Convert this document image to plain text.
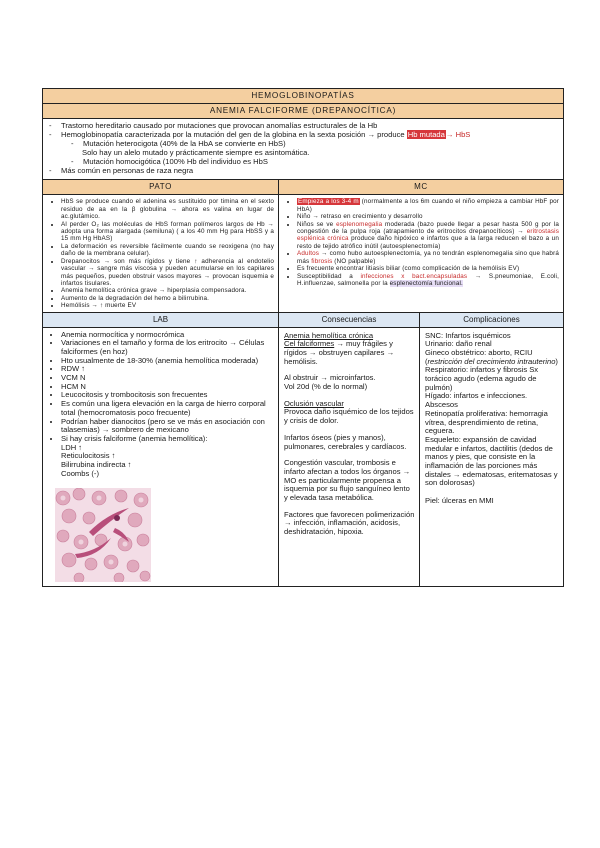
HEMOGLOBINOPATÍAS
ANEMIA FALCIFORME (DREPANOCÍTICA)
- Trastorno hereditario causado por mutaciones que provocan anomalías estructurales de la Hb
- Hemoglobinopatía caracterizada por la mutación del gen de la globina en la sexta posición → produce Hb mutada→ HbS
- Mutación heterocigota (40% de la HbA se convierte en HbS)
Solo hay un alelo mutado y prácticamente siempre es asintomática.
- Mutación homocigótica (100% Hb del individuo es HbS
- Más común en personas de raza negra
PATO
• HbS se produce cuando el adenina es sustituido por timina en el sexto residuo de aa en la β globulina → ahora es valina en lugar de ac.glutámico.
• Al perder O₂ las moléculas de HbS forman polímeros largos de Hb → adopta una forma alargada (semiluna) ( a los 40 mm Hg para HbSS y a 15 mm Hg HbAS)
• La deformación es reversible fácilmente cuando se reoxigena (no hay daño de la membrana celular).
• Drepanocitos → son más rígidos y tiene ↑ adherencia al endotelio vascular → sangre más viscosa y pueden acumularse en los capilares más pequeños, pueden obstruir vasos mayores → provocan isquemia e infartos tisulares.
• Anemia hemolítica crónica grave → hiperplasia compensadora.
• Aumento de la degradación del hemo a bilirrubina.
• Hemólisis → ↑ muerte EV
MC
• Empieza a los 3-4 m (normalmente a los 6m cuando el niño empieza a cambiar HbF por HbA)
• Niño → retraso en crecimiento y desarrollo
• Niños se ve esplenomegalia moderada (bazo puede llegar a pesar hasta 500 g por la congestión de la pulpa roja (atrapamiento de eritrocitos drepanocíticos) → eritrostasis esplénica crónica produce daño hipóxico e infartos que a la larga reducen el bazo a un resto de tejido atrófico inútil (autoesplenectomía)
• Adultos → como hubo autoesplenectomía, ya no tendrán esplenomegalia sino que habrá más fibrosis (NO palpable)
• Es frecuente encontrar litiasis biliar (como complicación de la hemólisis EV)
• Susceptibilidad a infecciones x bact.encapsuladas → S.pneumoniae, E.coli, H.influenzae, salmonella por la esplenectomía funcional.
LAB
• Anemia normocítica y normocrómica
• Variaciones en el tamaño y forma de los eritrocito → Células falciformes (en hoz)
• Hto usualmente de 18-30% (anemia hemolítica moderada)
• RDW ↑
• VCM N
• HCM N
• Leucocitosis y trombocitosis son frecuentes
• Es común una ligera elevación en la carga de hierro corporal total (hemocromatosis poco frecuente)
• Podrían haber dianocitos (pero se ve más en asociación con talasemias) → sombrero de mexicano
• Si hay crisis falciforme (anemia hemolítica):
LDH ↑
Reticulocitosis ↑
Bilirrubina indirecta ↑
Coombs (-)
Consecuencias

Anemia hemolítica crónica
Cel falciformes → muy frágiles y rígidos → obstruyen capilares → hemólisis.

Al obstruir → microinfartos.
Vol 20d (% de lo normal)

Oclusión vascular
Provoca daño isquémico de los tejidos y crisis de dolor.

Infartos óseos (pies y manos), pulmonares, cerebrales y cardíacos.

Congestión vascular, trombosis e infarto afectan a todos los órganos → MO es particularmente propensa a isquemia por su flujo sanguíneo lento y elevada tasa metabólica.

Factores que favorecen polimerización → infección, inflamación, acidosis, deshidratación, hipoxia.

Complicaciones
SNC: Infartos isquémicos
Urinario: daño renal
Gineco obstétrico: aborto, RCIU (restricción del crecimiento intrauterino)
Respiratorio: infartos y fibrosis Sx torácico agudo (edema agudo de pulmón)
Hígado: infartos e infecciones. Abscesos
Retinopatía proliferativa: hemorragia vítrea, desprendimiento de retina, ceguera.
Esqueleto: expansión de cavidad medular e infartos, dactilitis (dedos de manos y pies, que consiste en la inflamación de las porciones más distales → edematosas, eritematosas y son dolorosas)
Piel: úlceras en MMI
